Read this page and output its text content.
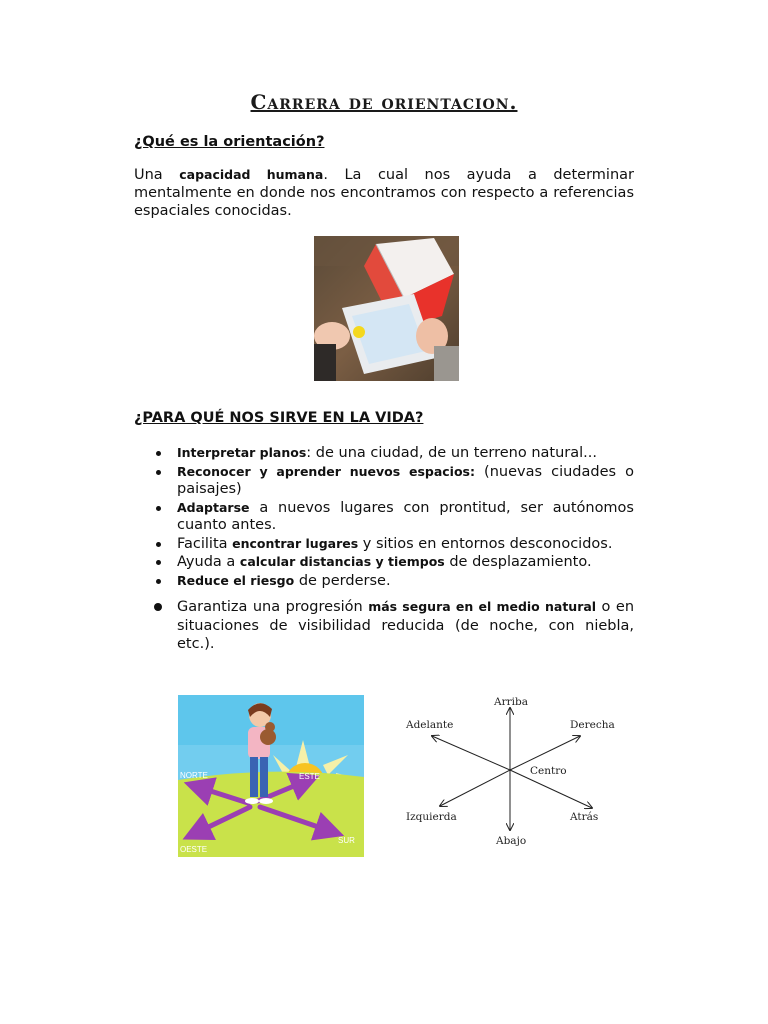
Carrera de orientacion.
¿Qué es la orientación?
Una capacidad humana. La cual nos ayuda a determinar mentalmente en donde nos encontramos con respecto a referencias espaciales conocidas.
¿PARA QUÉ NOS SIRVE EN LA VIDA?
Interpretar planos: de una ciudad, de un terreno natural...
Reconocer y aprender nuevos espacios: (nuevas ciudades o paisajes)
Adaptarse a nuevos lugares con prontitud, ser autónomos cuanto antes.
Facilita encontrar lugares y sitios en entornos desconocidos.
Ayuda a calcular distancias y tiempos de desplazamiento.
Reduce el riesgo de perderse.
Garantiza una progresión más segura en el medio natural o en situaciones de visibilidad reducida (de noche, con niebla, etc.).
NORTE	ESTE
OESTE
SUR
Arriba
Abajo
Adelante	Derecha
Izquierda	Atrás
Centro
